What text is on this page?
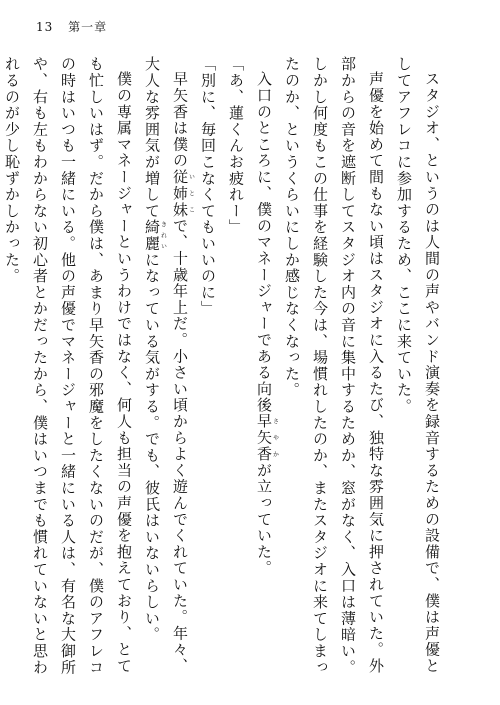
13 第一章

スタジオ、というのは人間の声やバンド演奏を録音するための設備で、僕は声優としてアフレコに参加するため、ここに来ていた。

声優を始めて間もない頃はスタジオに入るたび、独特な雰囲気に押されていた。外部からの音を遮断してスタジオ内の音に集中するためか、窓がなく、入口は薄暗い。しかし何度もこの仕事を経験した今は、場慣れしたのか、またスタジオに来てしまったのか、というくらいにしか感じなくなった。

入口のところに、僕のマネージャーである向後早矢香さやかが立っていた。

「あ、蓮くんお疲れー」

「別に、毎回こなくてもいいのに」

早矢香は僕の従姉妹いとこで、十歳年上だ。小さい頃からよく遊んでくれていた。年々、大人な雰囲気が増して綺麗きれいになっている気がする。でも、彼氏はいないらしい。

僕の専属マネージャーというわけではなく、何人も担当の声優を抱えており、とても忙しいはず。だから僕は、あまり早矢香の邪魔をしたくないのだが、僕のアフレコの時はいつも一緒にいる。他の声優でマネージャーと一緒にいる人は、有名な大御所や、右も左もわからない初心者とかだったから、僕はいつまでも慣れていないと思われるのが少し恥ずかしかった。
